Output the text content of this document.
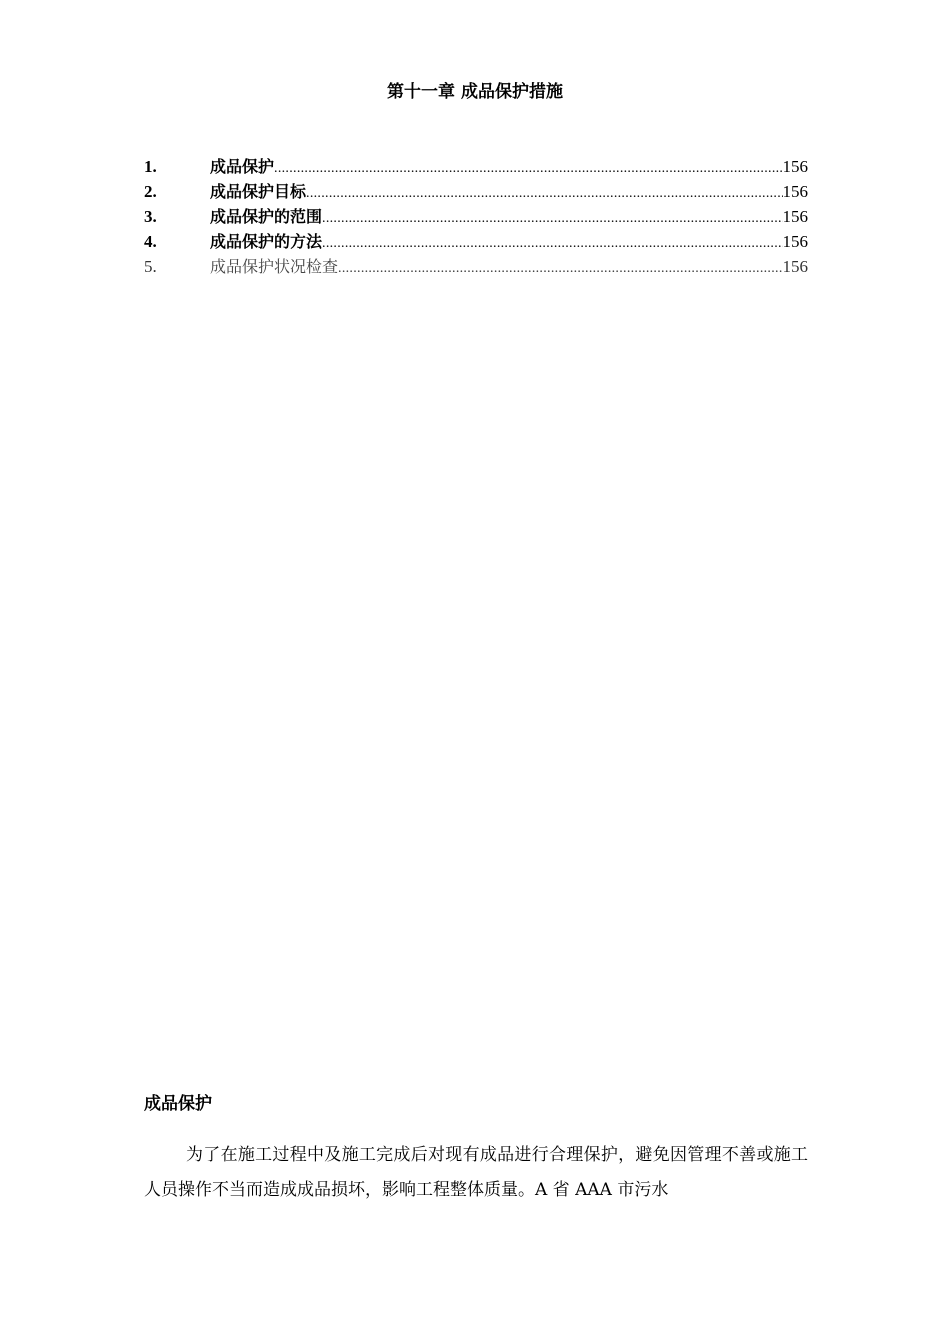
第十一章 成品保护措施
1.	成品保护 .....	156
2.	成品保护目标 .....	156
3.	成品保护的范围 .....	156
4.	成品保护的方法 .....	156
5.	成品保护状况检查 .....	156
成品保护

为了在施工过程中及施工完成后对现有成品进行合理保护，避免因管理不善或施工人员操作不当而造成成品损坏，影响工程整体质量。A 省 AAA 市污水
